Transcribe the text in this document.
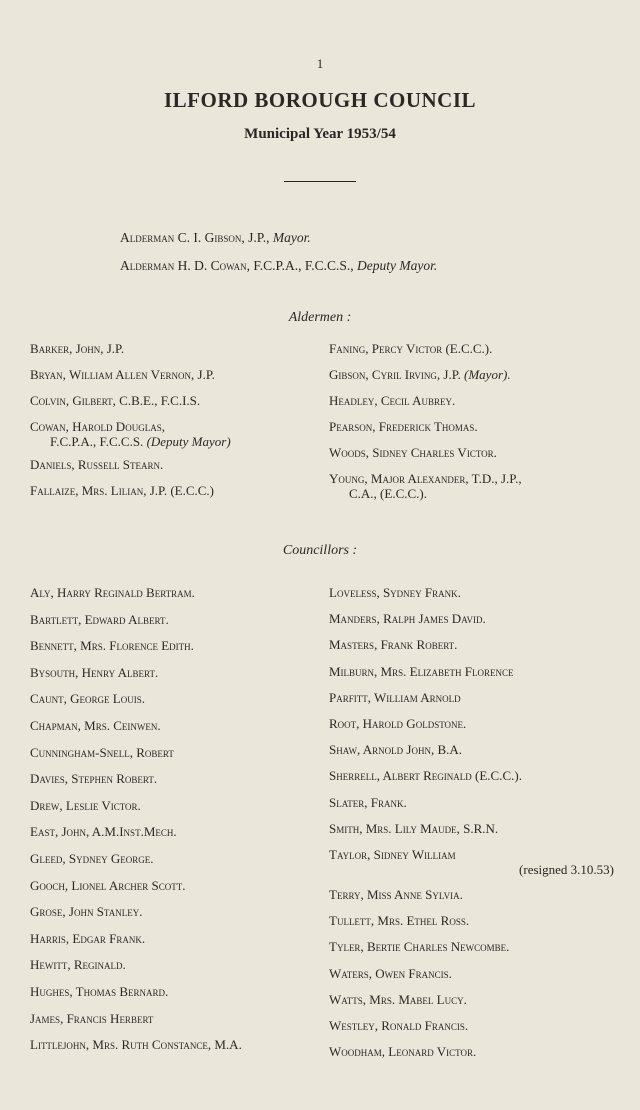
1
ILFORD BOROUGH COUNCIL
Municipal Year 1953/54
Alderman C. I. Gibson, J.P., Mayor.
Alderman H. D. Cowan, F.C.P.A., F.C.C.S., Deputy Mayor.
Aldermen :
Councillors :
Barker, John, J.P.
Bryan, William Allen Vernon, J.P.
Colvin, Gilbert, C.B.E., F.C.I.S.
Cowan, Harold Douglas,
F.C.P.A., F.C.C.S. (Deputy Mayor)
Daniels, Russell Stearn.
Fallaize, Mrs. Lilian, J.P. (E.C.C.)
Faning, Percy Victor (E.C.C.).
Gibson, Cyril Irving, J.P. (Mayor).
Headley, Cecil Aubrey.
Pearson, Frederick Thomas.
Woods, Sidney Charles Victor.
Young, Major Alexander, T.D., J.P.,
C.A., (E.C.C.).
Aly, Harry Reginald Bertram.
Bartlett, Edward Albert.
Bennett, Mrs. Florence Edith.
Bysouth, Henry Albert.
Caunt, George Louis.
Chapman, Mrs. Ceinwen.
Cunningham-Snell, Robert
Davies, Stephen Robert.
Drew, Leslie Victor.
East, John, A.M.Inst.Mech.
Gleed, Sydney George.
Gooch, Lionel Archer Scott.
Grose, John Stanley.
Harris, Edgar Frank.
Hewitt, Reginald.
Hughes, Thomas Bernard.
James, Francis Herbert
Littlejohn, Mrs. Ruth Constance, M.A.
Loveless, Sydney Frank.
Manders, Ralph James David.
Masters, Frank Robert.
Milburn, Mrs. Elizabeth Florence
Parfitt, William Arnold
Root, Harold Goldstone.
Shaw, Arnold John, B.A.
Sherrell, Albert Reginald (E.C.C.).
Slater, Frank.
Smith, Mrs. Lily Maude, S.R.N.
Taylor, Sidney William
(resigned 3.10.53)
Terry, Miss Anne Sylvia.
Tullett, Mrs. Ethel Ross.
Tyler, Bertie Charles Newcombe.
Waters, Owen Francis.
Watts, Mrs. Mabel Lucy.
Westley, Ronald Francis.
Woodham, Leonard Victor.
